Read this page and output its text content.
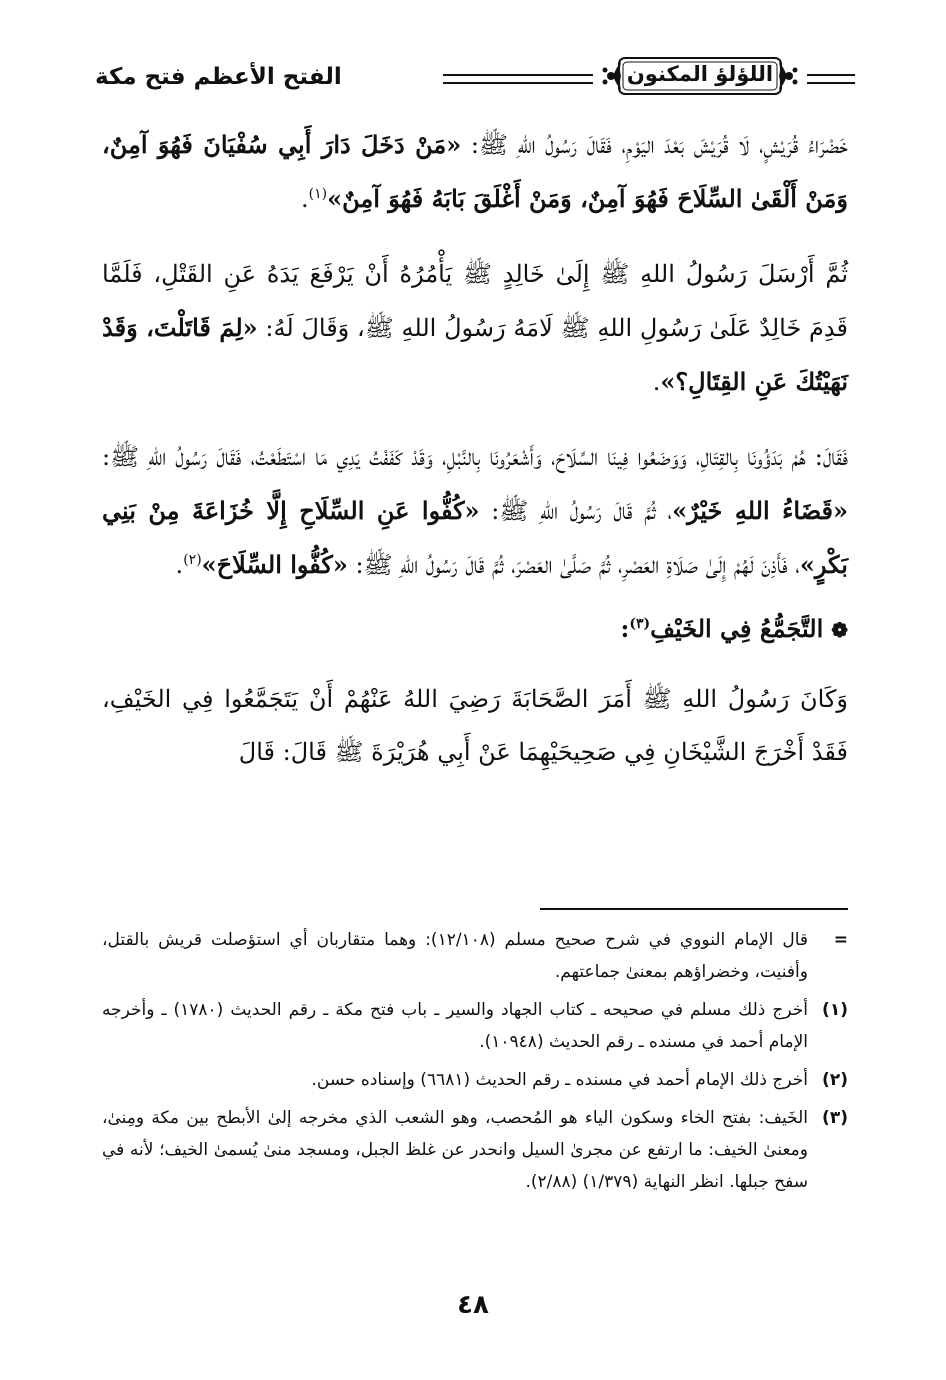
اللؤلؤ المكنون
الفتح الأعظم فتح مكة

خَضْرَاءُ قُرَيْشٍ، لَا قُرَيْشَ بَعْدَ اليَوْمِ، فَقَالَ رَسُولُ اللهِ ﷺ: «مَنْ دَخَلَ دَارَ أَبِي سُفْيَانَ فَهُوَ آمِنٌ، وَمَنْ أَلْقَىٰ السِّلَاحَ فَهُوَ آمِنٌ، وَمَنْ أَغْلَقَ بَابَهُ فَهُوَ آمِنٌ»$^{(١)}$.

ثُمَّ أَرْسَلَ رَسُولُ اللهِ ﷺ إِلَىٰ خَالِدٍ ﷺ يَأْمُرُهُ أَنْ يَرْفَعَ يَدَهُ عَنِ القَتْلِ، فَلَمَّا قَدِمَ خَالِدٌ عَلَىٰ رَسُولِ اللهِ ﷺ لَامَهُ رَسُولُ اللهِ ﷺ، وَقَالَ لَهُ: «لِمَ قَاتَلْتَ، وَقَدْ نَهَيْتُكَ عَنِ القِتَالِ؟».

فَقَالَ: هُمْ بَدَؤُونَا بِالقِتَالِ، وَوَضَعُوا فِينَا السِّلَاحَ، وَأَشْعَرُونَا بِالنَّبْلِ، وَقَدْ كَفَفْتُ يَدِي مَا اسْتَطَعْتُ، فَقَالَ رَسُولُ اللهِ ﷺ: «قَضَاءُ اللهِ خَيْرٌ»، ثُمَّ قَالَ رَسُولُ اللهِ ﷺ: «كُفُّوا عَنِ السِّلَاحِ إِلَّا خُزَاعَةَ مِنْ بَنِي بَكْرٍ»، فَأَذِنَ لَهُمْ إِلَىٰ صَلَاةِ العَصْرِ، ثُمَّ صَلَّىٰ العَصْرَ، ثُمَّ قَالَ رَسُولُ اللهِ ﷺ: «كُفُّوا السِّلَاحَ»$^{(٢)}$.

❁التَّجَمُّعُ فِي الخَيْفِ$^{(٣)}$:

وَكَانَ رَسُولُ اللهِ ﷺ أَمَرَ الصَّحَابَةَ رَضِيَ اللهُ عَنْهُمْ أَنْ يَتَجَمَّعُوا فِي الخَيْفِ، فَقَدْ أَخْرَجَ الشَّيْخَانِ فِي صَحِيحَيْهِمَا عَنْ أَبِي هُرَيْرَةَ ﷺ قَالَ: قَالَ

=
قال الإمام النووي في شرح صحيح مسلم (١٢/١٠٨): وهما متقاربان أي استؤصلت قريش بالقتل، وأفنيت، وخضراؤهم بمعنىٰ جماعتهم.
(١)
أخرج ذلك مسلم في صحيحه ـ كتاب الجهاد والسير ـ باب فتح مكة ـ رقم الحديث (١٧٨٠) ـ وأخرجه الإمام أحمد في مسنده ـ رقم الحديث (١٠٩٤٨).
(٢)
أخرج ذلك الإمام أحمد في مسنده ـ رقم الحديث (٦٦٨١) وإسناده حسن.
(٣)
الخَيف: بفتح الخاء وسكون الياء هو المُحصب، وهو الشعب الذي مخرجه إلىٰ الأبطح بين مكة ومِنىٰ، ومعنىٰ الخيف: ما ارتفع عن مجرىٰ السيل وانحدر عن غلظ الجبل، ومسجد منىٰ يُسمىٰ الخيف؛ لأنه في سفح جبلها. انظر النهاية (١/٣٧٩) (٢/٨٨).
٤٨
